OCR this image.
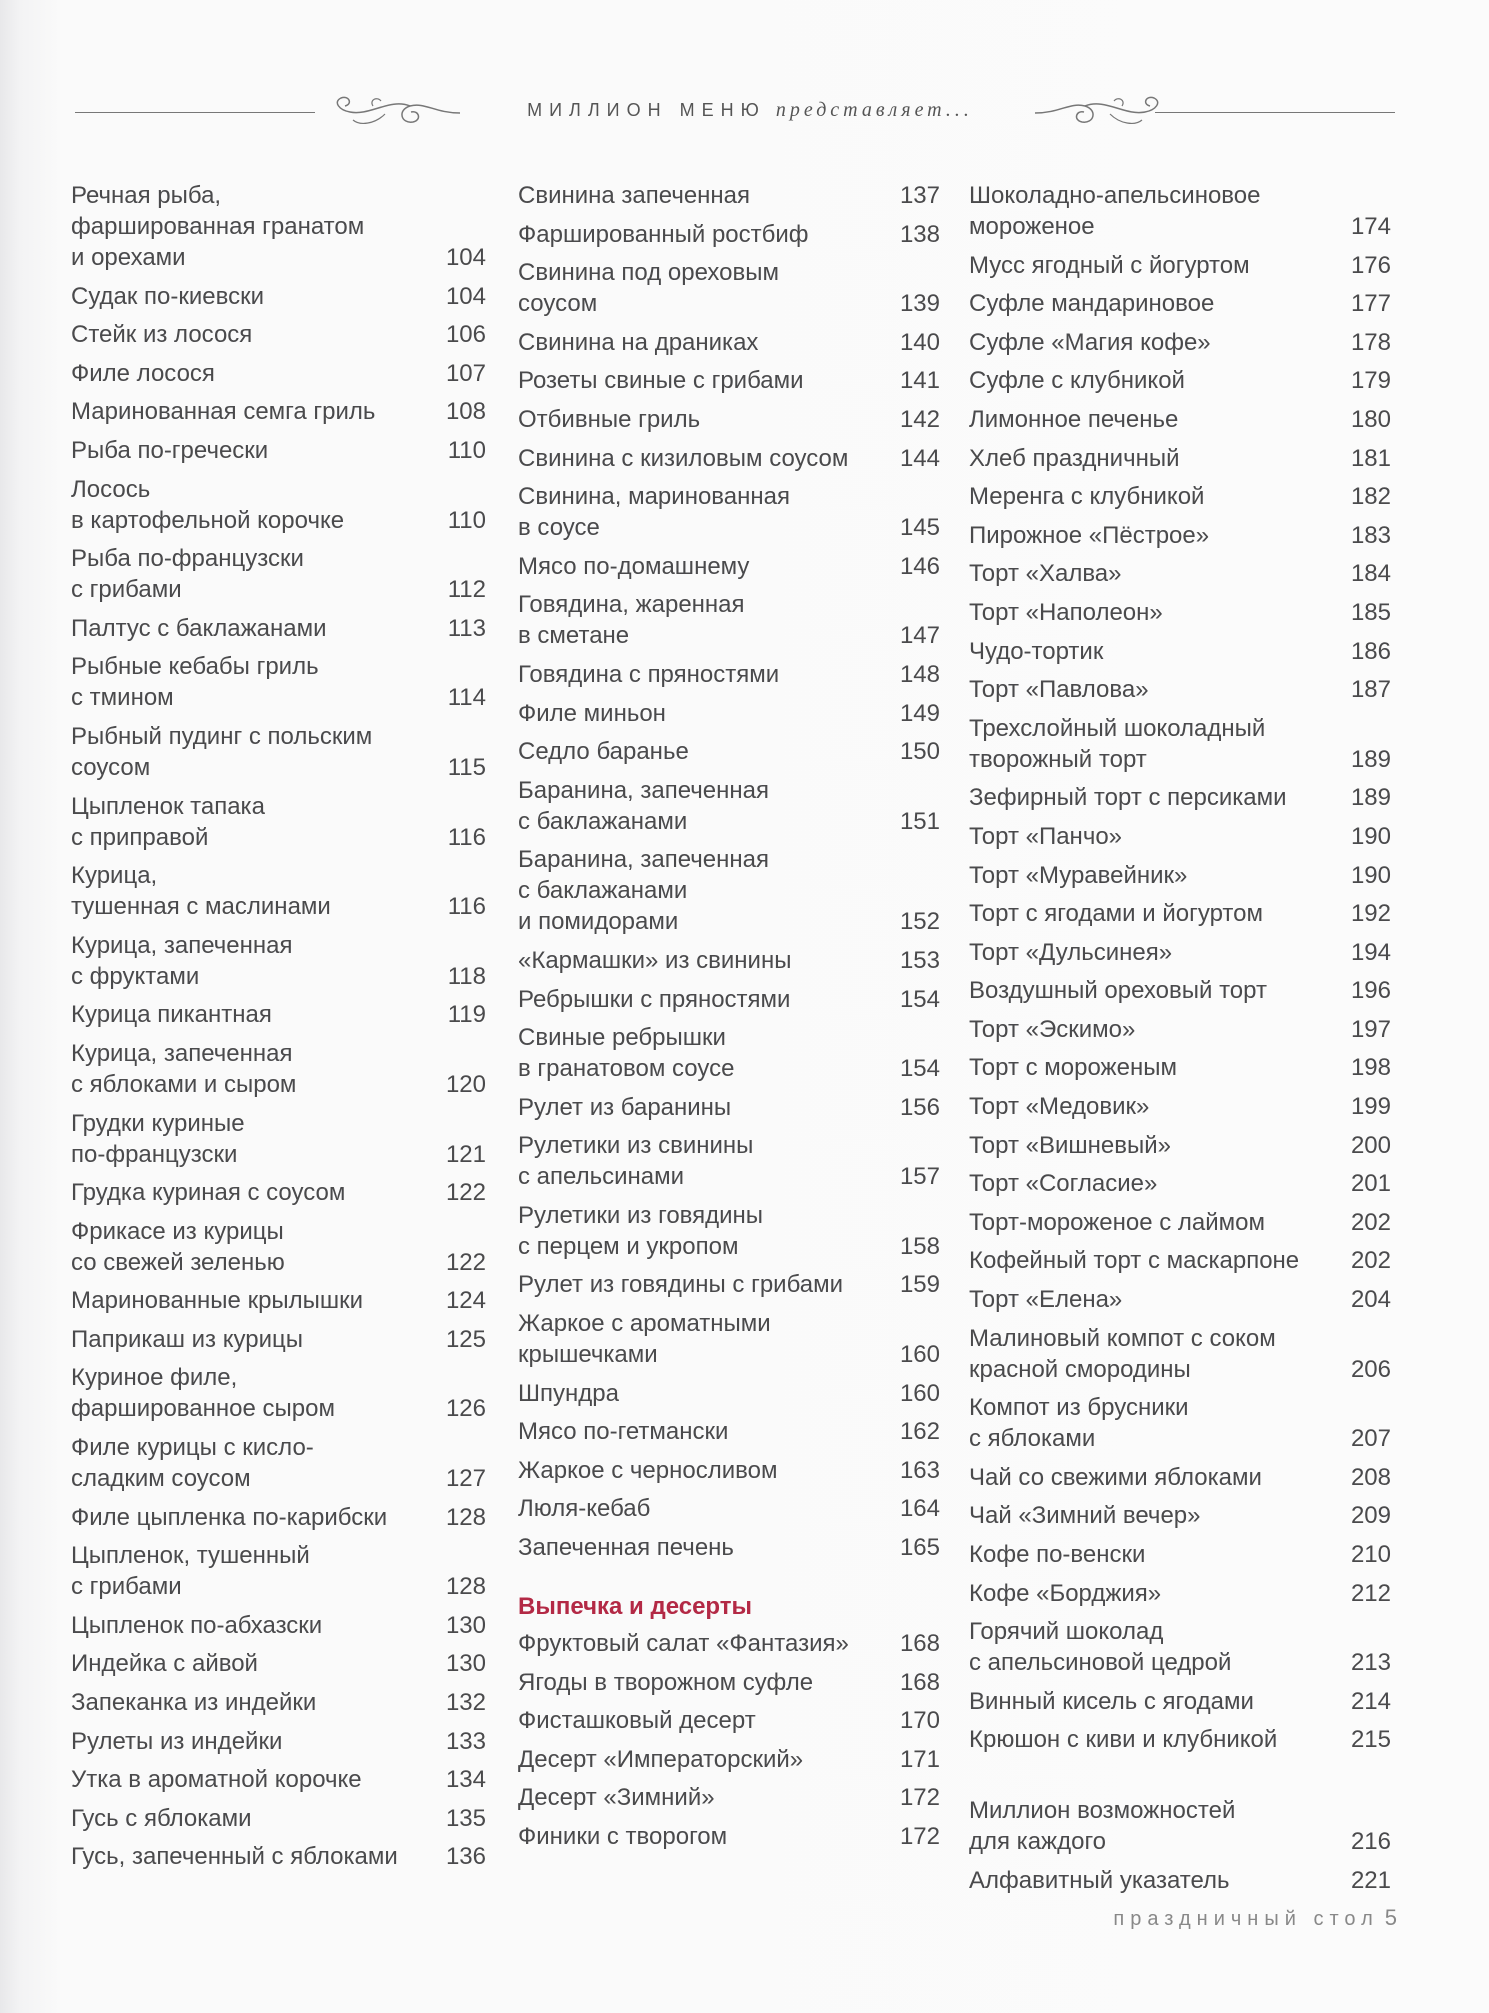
МИЛЛИОН МЕНЮ представляет...
Речная рыба,
фаршированная гранатом
и орехами	104
Судак по-киевски	104
Стейк из лосося	106
Филе лосося	107
Маринованная семга гриль	108
Рыба по-гречески	110
Лосось
в картофельной корочке	110
Рыба по-французски
с грибами	112
Палтус с баклажанами	113
Рыбные кебабы гриль
с тмином	114
Рыбный пудинг с польским
соусом	115
Цыпленок тапака
с приправой	116
Курица,
тушенная с маслинами	116
Курица, запеченная
с фруктами	118
Курица пикантная	119
Курица, запеченная
с яблоками и сыром	120
Грудки куриные
по-французски	121
Грудка куриная с соусом	122
Фрикасе из курицы
со свежей зеленью	122
Маринованные крылышки	124
Паприкаш из курицы	125
Куриное филе,
фаршированное сыром	126
Филе курицы с кисло-
сладким соусом	127
Филе цыпленка по-карибски	128
Цыпленок, тушенный
с грибами	128
Цыпленок по-абхазски	130
Индейка с айвой	130
Запеканка из индейки	132
Рулеты из индейки	133
Утка в ароматной корочке	134
Гусь с яблоками	135
Гусь, запеченный с яблоками	136
Свинина запеченная	137
Фаршированный ростбиф	138
Свинина под ореховым
соусом	139
Свинина на драниках	140
Розеты свиные с грибами	141
Отбивные гриль	142
Свинина с кизиловым соусом	144
Свинина, маринованная
в соусе	145
Мясо по-домашнему	146
Говядина, жаренная
в сметане	147
Говядина с пряностями	148
Филе миньон	149
Седло баранье	150
Баранина, запеченная
с баклажанами	151
Баранина, запеченная
с баклажанами
и помидорами	152
«Кармашки» из свинины	153
Ребрышки с пряностями	154
Свиные ребрышки
в гранатовом соусе	154
Рулет из баранины	156
Рулетики из свинины
с апельсинами	157
Рулетики из говядины
с перцем и укропом	158
Рулет из говядины с грибами	159
Жаркое с ароматными
крышечками	160
Шпундра	160
Мясо по-гетмански	162
Жаркое с черносливом	163
Люля-кебаб	164
Запеченная печень	165
Выпечка и десерты
Фруктовый салат «Фантазия»	168
Ягоды в творожном суфле	168
Фисташковый десерт	170
Десерт «Императорский»	171
Десерт «Зимний»	172
Финики с творогом	172
Шоколадно-апельсиновое
мороженое	174
Мусс ягодный с йогуртом	176
Суфле мандариновое	177
Суфле «Магия кофе»	178
Суфле с клубникой	179
Лимонное печенье	180
Хлеб праздничный	181
Меренга с клубникой	182
Пирожное «Пёстрое»	183
Торт «Халва»	184
Торт «Наполеон»	185
Чудо-тортик	186
Торт «Павлова»	187
Трехслойный шоколадный
творожный торт	189
Зефирный торт с персиками	189
Торт «Панчо»	190
Торт «Муравейник»	190
Торт с ягодами и йогуртом	192
Торт «Дульсинея»	194
Воздушный ореховый торт	196
Торт «Эскимо»	197
Торт с мороженым	198
Торт «Медовик»	199
Торт «Вишневый»	200
Торт «Согласие»	201
Торт-мороженое с лаймом	202
Кофейный торт с маскарпоне	202
Торт «Елена»	204
Малиновый компот с соком
красной смородины	206
Компот из брусники
с яблоками	207
Чай со свежими яблоками	208
Чай «Зимний вечер»	209
Кофе по-венски	210
Кофе «Борджия»	212
Горячий шоколад
с апельсиновой цедрой	213
Винный кисель с ягодами	214
Крюшон с киви и клубникой	215
Миллион возможностей
для каждого	216
Алфавитный указатель	221
праздничный стол 5
